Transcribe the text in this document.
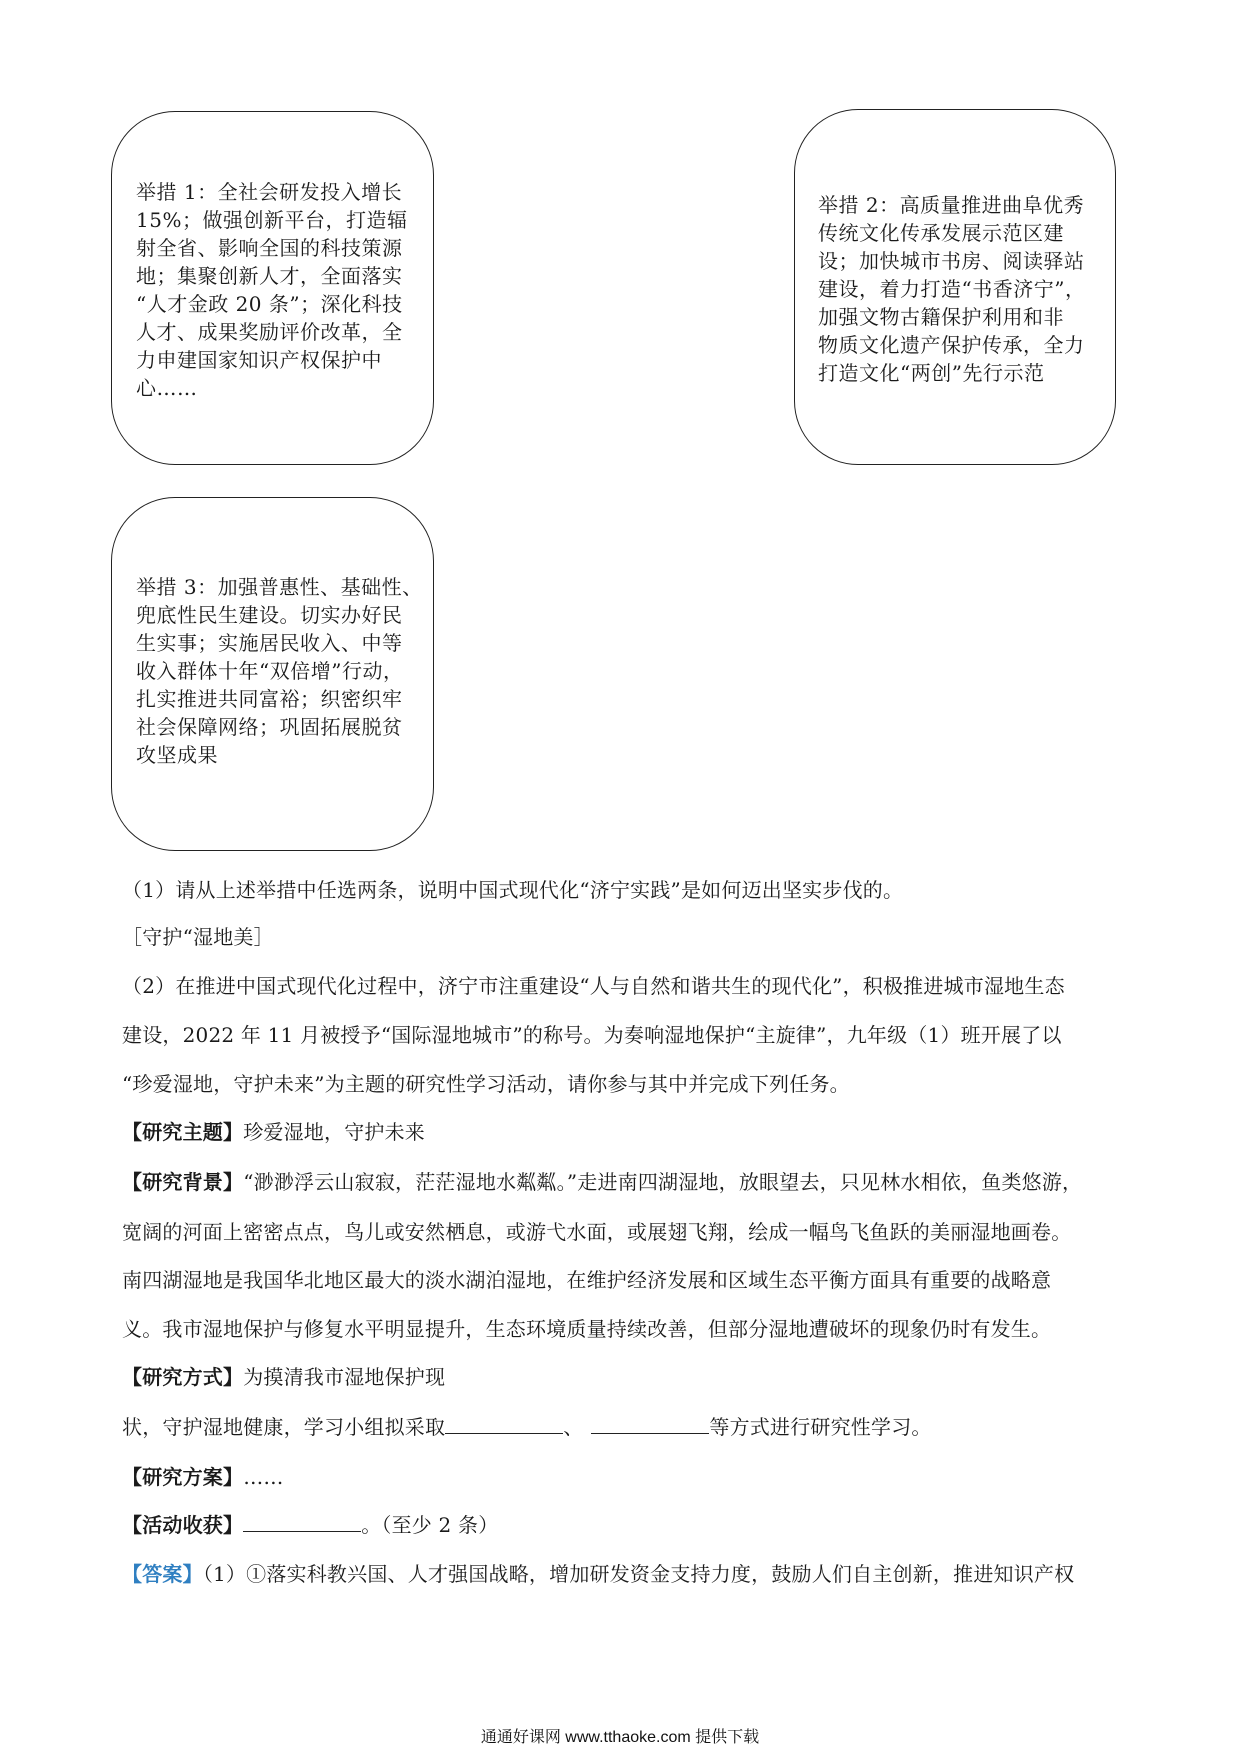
举措 1：全社会研发投入增长
15%；做强创新平台，打造辐
射全省、影响全国的科技策源
地；集聚创新人才，全面落实
“人才金政 20 条”；深化科技
人才、成果奖励评价改革，全
力申建国家知识产权保护中
心……
举措 2：高质量推进曲阜优秀
传统文化传承发展示范区建
设；加快城市书房、阅读驿站
建设，着力打造“书香济宁”，
加强文物古籍保护利用和非
物质文化遗产保护传承，全力
打造文化“两创”先行示范
举措 3：加强普惠性、基础性、
兜底性民生建设。切实办好民
生实事；实施居民收入、中等
收入群体十年“双倍增”行动，
扎实推进共同富裕；织密织牢
社会保障网络；巩固拓展脱贫
攻坚成果
（1）请从上述举措中任选两条，说明中国式现代化“济宁实践”是如何迈出坚实步伐的。
［守护“湿地美］
（2）在推进中国式现代化过程中，济宁市注重建设“人与自然和谐共生的现代化”，积极推进城市湿地生态
建设，2022 年 11 月被授予“国际湿地城市”的称号。为奏响湿地保护“主旋律”，九年级（1）班开展了以
“珍爱湿地，守护未来”为主题的研究性学习活动，请你参与其中并完成下列任务。
【研究主题】珍爱湿地，守护未来
【研究背景】“渺渺浮云山寂寂，茫茫湿地水粼粼。”走进南四湖湿地，放眼望去，只见林水相依，鱼类悠游，
宽阔的河面上密密点点，鸟儿或安然栖息，或游弋水面，或展翅飞翔，绘成一幅鸟飞鱼跃的美丽湿地画卷。
南四湖湿地是我国华北地区最大的淡水湖泊湿地，在维护经济发展和区域生态平衡方面具有重要的战略意
义。我市湿地保护与修复水平明显提升，生态环境质量持续改善，但部分湿地遭破坏的现象仍时有发生。
【研究方式】为摸清我市湿地保护现
状，守护湿地健康，学习小组拟采取	、	等方式进行研究性学习。
【研究方案】……
【活动收获】	。（至少 2 条）
【答案】（1）①落实科教兴国、人才强国战略，增加研发资金支持力度，鼓励人们自主创新，推进知识产权
通通好课网 www.tthaoke.com 提供下载
